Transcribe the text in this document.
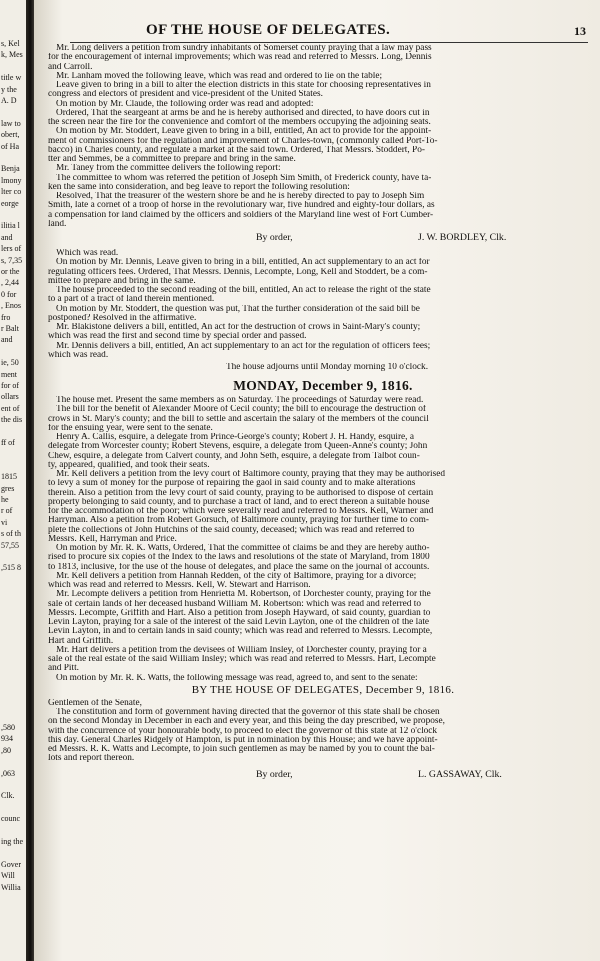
s, Kel
k, Mes
title w
y the
A. D
law to
obert,
of Ha
Benja
lmony
lter co
eorge
ilitia l
and
lers of
s, 7,35
or the
, 2,44
0 for
, Enos
fro
r Balt
and
ie, 50
ment
for of
ollars
ent of
the dis
ff of
1815
gres
he
r of
vi
s of th
57,55
,515 8
,580
934
,80
,063
Clk.
counc
ing the
Gover
Will
Willia
OF THE HOUSE OF DELEGATES.	13
Mr. Long delivers a petition from sundry inhabitants of Somerset county praying that a law may pass
for the encouragement of internal improvements; which was read and referred to Messrs. Long, Dennis
and Carroll.
Mr. Lanham moved the following leave, which was read and ordered to lie on the table;
Leave given to bring in a bill to alter the election districts in this state for choosing representatives in
congress and electors of president and vice-president of the United States.
On motion by Mr. Claude, the following order was read and adopted:
Ordered, That the seargeant at arms be and he is hereby authorised and directed, to have doors cut in
the screen near the fire for the convenience and comfort of the members occupying the adjoining seats.
On motion by Mr. Stoddert, Leave given to bring in a bill, entitled, An act to provide for the appoint-
ment of commissioners for the regulation and improvement of Charles-town, (commonly called Port-To-
bacco) in Charles county, and regulate a market at the said town. Ordered, That Messrs. Stoddert, Po-
tter and Semmes, be a committee to prepare and bring in the same.
Mr. Taney from the committee delivers the following report:
The committee to whom was referred the petition of Joseph Sim Smith, of Frederick county, have ta-
ken the same into consideration, and beg leave to report the following resolution:
Resolved, That the treasurer of the western shore be and he is hereby directed to pay to Joseph Sim
Smith, late a cornet of a troop of horse in the revolutionary war, five hundred and eighty-four dollars, as
a compensation for land claimed by the officers and soldiers of the Maryland line west of Fort Cumber-
land.
By order,	J. W. BORDLEY, Clk.
Which was read.
On motion by Mr. Dennis, Leave given to bring in a bill, entitled, An act supplementary to an act for
regulating officers fees. Ordered, That Messrs. Dennis, Lecompte, Long, Kell and Stoddert, be a com-
mittee to prepare and bring in the same.
The house proceeded to the second reading of the bill, entitled, An act to release the right of the state
to a part of a tract of land therein mentioned.
On motion by Mr. Stoddert, the question was put, That the further consideration of the said bill be
postponed? Resolved in the affirmative.
Mr. Blakistone delivers a bill, entitled, An act for the destruction of crows in Saint-Mary's county;
which was read the first and second time by special order and passed.
Mr. Dennis delivers a bill, entitled, An act supplementary to an act for the regulation of officers fees;
which was read.
The house adjourns until Monday morning 10 o'clock.
MONDAY, December 9, 1816.
The house met. Present the same members as on Saturday. The proceedings of Saturday were read.
The bill for the benefit of Alexander Moore of Cecil county; the bill to encourage the destruction of
crows in St. Mary's county; and the bill to settle and ascertain the salary of the members of the council
for the ensuing year, were sent to the senate.
Henry A. Callis, esquire, a delegate from Prince-George's county; Robert J. H. Handy, esquire, a
delegate from Worcester county; Robert Stevens, esquire, a delegate from Queen-Anne's county; John
Chew, esquire, a delegate from Calvert county, and John Seth, esquire, a delegate from Talbot coun-
ty, appeared, qualified, and took their seats.
Mr. Kell delivers a petition from the levy court of Baltimore county, praying that they may be authorised
to levy a sum of money for the purpose of repairing the gaol in said county and to make alterations
therein. Also a petition from the levy court of said county, praying to be authorised to dispose of certain
property belonging to said county, and to purchase a tract of land, and to erect thereon a suitable house
for the accommodation of the poor; which were severally read and referred to Messrs. Kell, Warner and
Harryman. Also a petition from Robert Gorsuch, of Baltimore county, praying for further time to com-
plete the collections of John Hutchins of the said county, deceased; which was read and referred to
Messrs. Kell, Harryman and Price.
On motion by Mr. R. K. Watts, Ordered, That the committee of claims be and they are hereby autho-
rised to procure six copies of the Index to the laws and resolutions of the state of Maryland, from 1800
to 1813, inclusive, for the use of the house of delegates, and place the same on the journal of accounts.
Mr. Kell delivers a petition from Hannah Redden, of the city of Baltimore, praying for a divorce;
which was read and referred to Messrs. Kell, W. Stewart and Harrison.
Mr. Lecompte delivers a petition from Henrietta M. Robertson, of Dorchester county, praying for the
sale of certain lands of her deceased husband William M. Robertson: which was read and referred to
Messrs. Lecompte, Griffith and Hart. Also a petition from Joseph Hayward, of said county, guardian to
Levin Layton, praying for a sale of the interest of the said Levin Layton, one of the children of the late
Levin Layton, in and to certain lands in said county; which was read and referred to Messrs. Lecompte,
Hart and Griffith.
Mr. Hart delivers a petition from the devisees of William Insley, of Dorchester county, praying for a
sale of the real estate of the said William Insley; which was read and referred to Messrs. Hart, Lecompte
and Pitt.
On motion by Mr. R. K. Watts, the following message was read, agreed to, and sent to the senate:
BY THE HOUSE OF DELEGATES, December 9, 1816.
Gentlemen of the Senate,
The constitution and form of government having directed that the governor of this state shall be chosen
on the second Monday in December in each and every year, and this being the day prescribed, we propose,
with the concurrence of your honourable body, to proceed to elect the governor of this state at 12 o'clock
this day. General Charles Ridgely of Hampton, is put in nomination by this House; and we have appoint-
ed Messrs. R. K. Watts and Lecompte, to join such gentlemen as may be named by you to count the bal-
lots and report thereon.
By order,	L. GASSAWAY, Clk.
